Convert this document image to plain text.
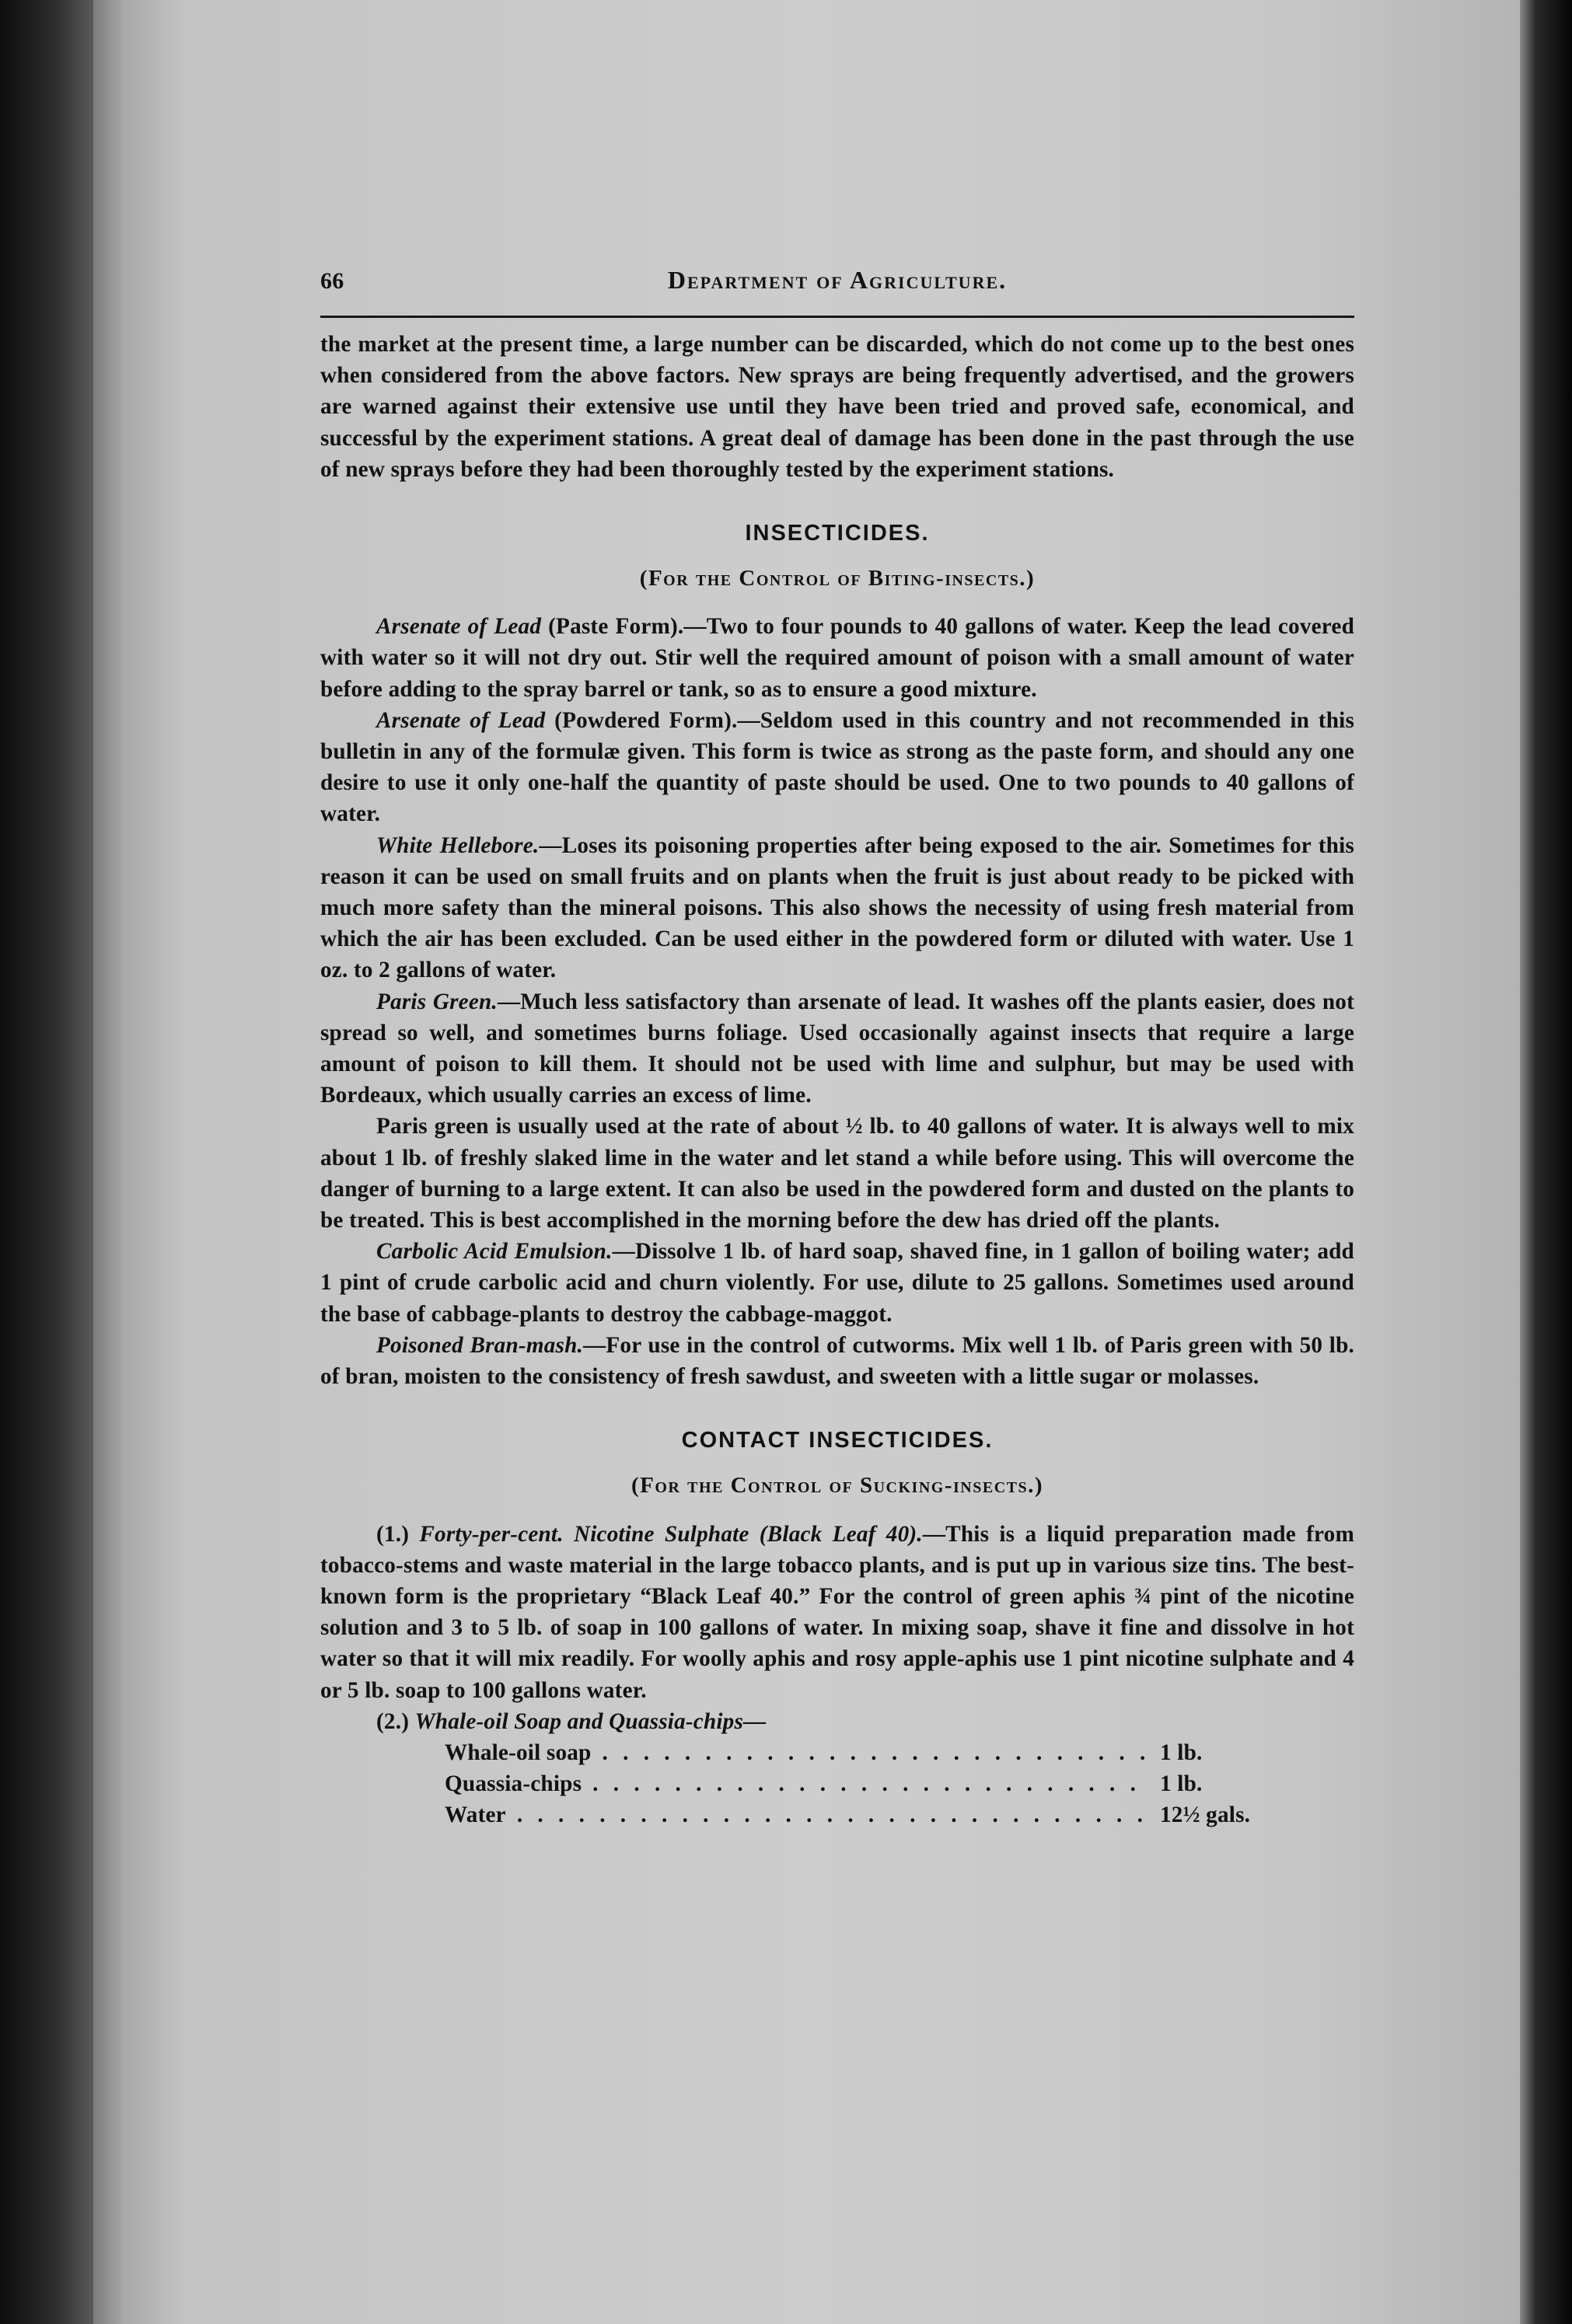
66	Department of Agriculture.

the market at the present time, a large number can be discarded, which do not come up to the best ones when considered from the above factors. New sprays are being frequently advertised, and the growers are warned against their extensive use until they have been tried and proved safe, economical, and successful by the experiment stations. A great deal of damage has been done in the past through the use of new sprays before they had been thoroughly tested by the experiment stations.

INSECTICIDES.
(For the Control of Biting-insects.)

Arsenate of Lead (Paste Form).—Two to four pounds to 40 gallons of water. Keep the lead covered with water so it will not dry out. Stir well the required amount of poison with a small amount of water before adding to the spray barrel or tank, so as to ensure a good mixture.

Arsenate of Lead (Powdered Form).—Seldom used in this country and not recommended in this bulletin in any of the formulæ given. This form is twice as strong as the paste form, and should any one desire to use it only one-half the quantity of paste should be used. One to two pounds to 40 gallons of water.

White Hellebore.—Loses its poisoning properties after being exposed to the air. Sometimes for this reason it can be used on small fruits and on plants when the fruit is just about ready to be picked with much more safety than the mineral poisons. This also shows the necessity of using fresh material from which the air has been excluded. Can be used either in the powdered form or diluted with water. Use 1 oz. to 2 gallons of water.

Paris Green.—Much less satisfactory than arsenate of lead. It washes off the plants easier, does not spread so well, and sometimes burns foliage. Used occasionally against insects that require a large amount of poison to kill them. It should not be used with lime and sulphur, but may be used with Bordeaux, which usually carries an excess of lime.

Paris green is usually used at the rate of about ½ lb. to 40 gallons of water. It is always well to mix about 1 lb. of freshly slaked lime in the water and let stand a while before using. This will overcome the danger of burning to a large extent. It can also be used in the powdered form and dusted on the plants to be treated. This is best accomplished in the morning before the dew has dried off the plants.

Carbolic Acid Emulsion.—Dissolve 1 lb. of hard soap, shaved fine, in 1 gallon of boiling water; add 1 pint of crude carbolic acid and churn violently. For use, dilute to 25 gallons. Sometimes used around the base of cabbage-plants to destroy the cabbage-maggot.

Poisoned Bran-mash.—For use in the control of cutworms. Mix well 1 lb. of Paris green with 50 lb. of bran, moisten to the consistency of fresh sawdust, and sweeten with a little sugar or molasses.

CONTACT INSECTICIDES.
(For the Control of Sucking-insects.)

(1.) Forty-per-cent. Nicotine Sulphate (Black Leaf 40).—This is a liquid preparation made from tobacco-stems and waste material in the large tobacco plants, and is put up in various size tins. The best-known form is the proprietary “Black Leaf 40.” For the control of green aphis ¾ pint of the nicotine solution and 3 to 5 lb. of soap in 100 gallons of water. In mixing soap, shave it fine and dissolve in hot water so that it will mix readily. For woolly aphis and rosy apple-aphis use 1 pint nicotine sulphate and 4 or 5 lb. soap to 100 gallons water.

(2.) Whale-oil Soap and Quassia-chips—

Whale-oil soap . . .	1 lb.
Quassia-chips . . .	1 lb.
Water . . .	12½ gals.
